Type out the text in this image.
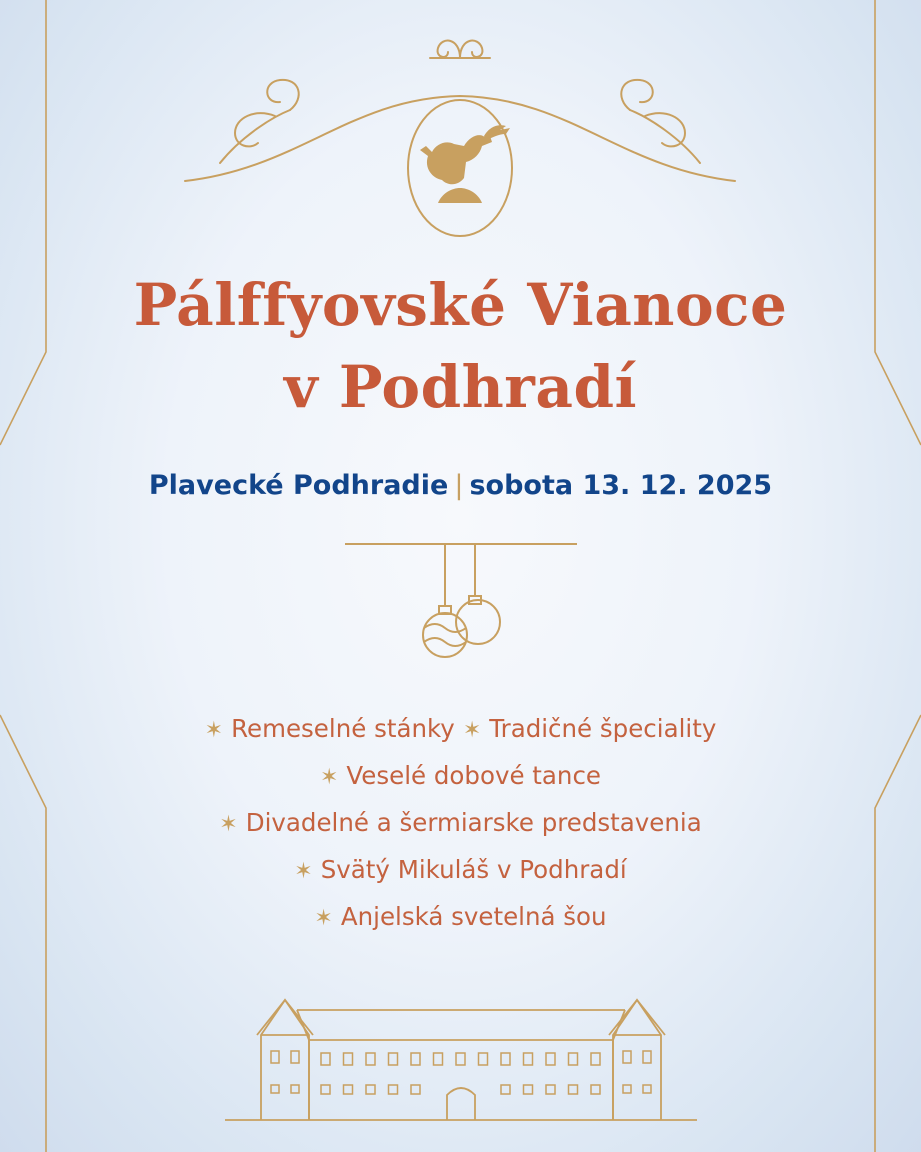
Pálffyovské Vianoce
v Podhradí
Plavecké Podhradie | sobota 13. 12. 2025
✶ Remeselné stánky ✶ Tradičné špeciality
✶ Veselé dobové tance
✶ Divadelné a šermiarske predstavenia
✶ Svätý Mikuláš v Podhradí
✶ Anjelská svetelná šou
